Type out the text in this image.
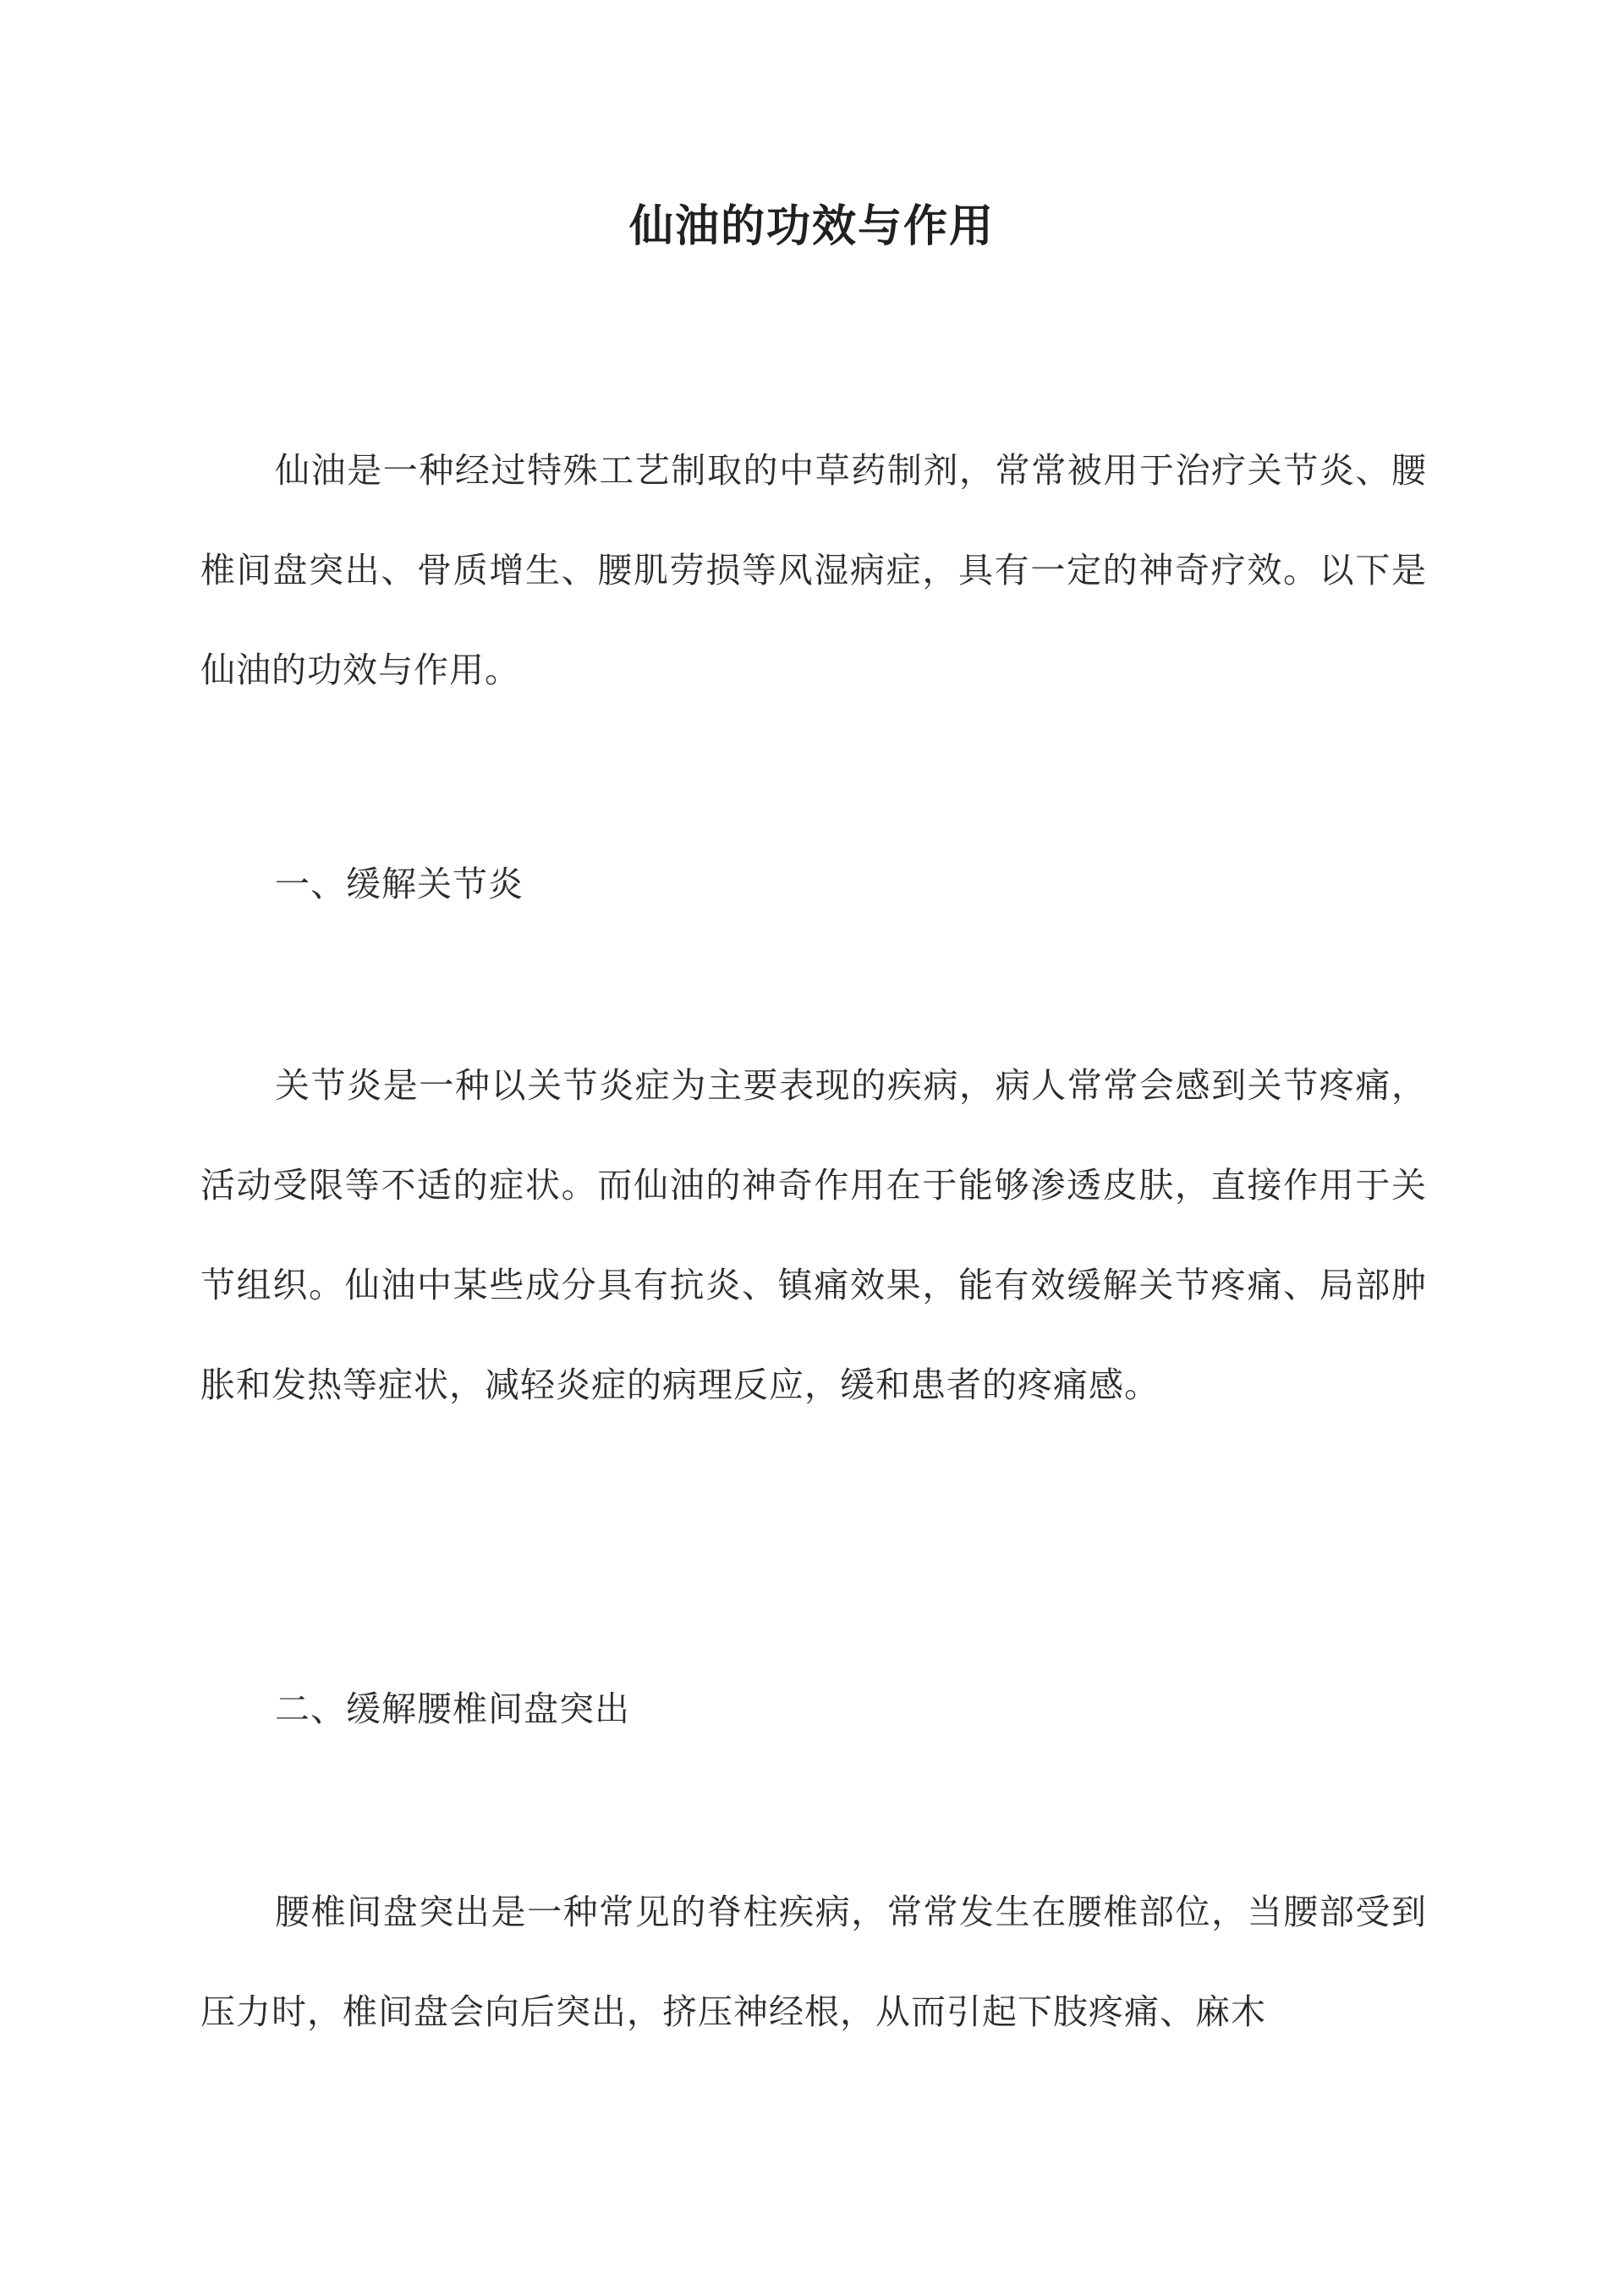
仙油的功效与作用

仙油是一种经过特殊工艺制取的中草药制剂，常常被用于治疗关节炎、腰椎间盘突出、骨质增生、腰肌劳损等风湿病症，具有一定的神奇疗效。以下是仙油的功效与作用。

一、缓解关节炎

关节炎是一种以关节炎症为主要表现的疾病，病人常常会感到关节疼痛，活动受限等不适的症状。而仙油的神奇作用在于能够渗透皮肤，直接作用于关节组织。仙油中某些成分具有抗炎、镇痛效果，能有效缓解关节疼痛、局部肿胀和发热等症状，减轻炎症的病理反应，缓和患者的疼痛感。

二、缓解腰椎间盘突出

腰椎间盘突出是一种常见的脊柱疾病，常常发生在腰椎部位，当腰部受到压力时，椎间盘会向后突出，挤压神经根，从而引起下肢疼痛、麻木
